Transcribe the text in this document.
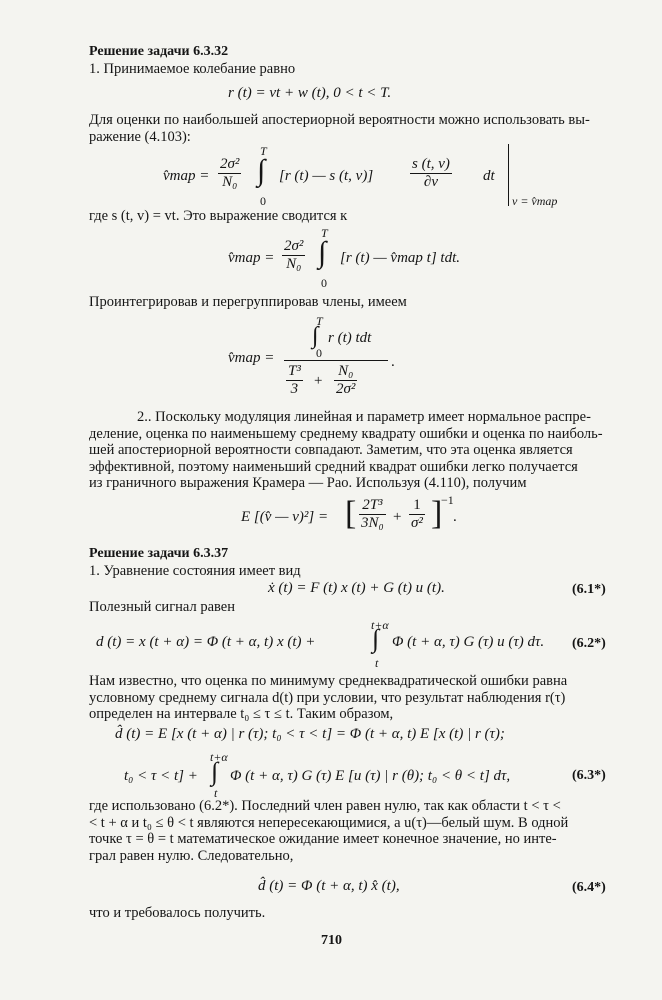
Решение задачи 6.3.32
1. Принимаемое колебание равно
r (t) = vt + w (t), 0 < t < T.
Для оценки по наибольшей апостериорной вероятности можно использовать вы-
ражение (4.103):
v̂map = $\frac{\text{2σ²}}{\text{N₀}}$
T
∫
0
[r (t) — s (t, $v)] \frac{s (t, v)}{\partial v}$ dt
v = v̂map
где s (t, v) = vt. Это выражение сводится к
v̂map = $\frac{\text{2σ²}}{\text{N₀}}$
T
∫
0
[r (t) — v̂map t] tdt.
Проинтегрировав и перегруппировав члены, имеем
v̂map =
T
∫
0
r (t) tdt
$\frac{\text{T³}}{3} + \frac{\text{N₀}}{\text{2σ²}}$
.
2.. Поскольку модуляция линейная и параметр имеет нормальное распре-
деление, оценка по наименьшему среднему квадрату ошибки и оценка по наиболь-
шей апостериорной вероятности совпадают. Заметим, что эта оценка является
эффективной, поэтому наименьший средний квадрат ошибки легко получается
из граничного выражения Крамера — Рао. Используя (4.110), получим
E [(v̂ — v)²] = [ $\frac{\text{2T³}}{\text{3N₀}} + \frac{1}{\text{σ²}}$ ]
−1
.
Решение задачи 6.3.37
1. Уравнение состояния имеет вид
ẋ (t) = F (t) x (t) + G (t) u (t).	(6.1*)
Полезный сигнал равен
d (t) = x (t + α) = Φ (t + α, t) x (t) +
t+α
∫
t
Φ (t + α, τ) G (τ) u (τ) dτ. (6.2*)
Нам известно, что оценка по минимуму среднеквадратической ошибки равна
условному среднему сигнала d(t) при условии, что результат наблюдения r(τ)
определен на интервале t₀ ≤ τ ≤ t. Таким образом,
d̂ (t) = E [x (t + α) | r (τ); t₀ < τ < t] = Φ (t + α, t) E [x (t) | r (τ);
t₀ < τ < t] +
t+α
∫
t
Φ (t + α, τ) G (τ) E [u (τ) | r (θ); t₀ < θ < t] dτ,	(6.3*)
где использовано (6.2*). Последний член равен нулю, так как области t < τ <
< t + α и t₀ ≤ θ < t являются непересекающимися, а u(τ)—белый шум. В одной
точке τ = θ = t математическое ожидание имеет конечное значение, но инте-
грал равен нулю. Следовательно,
d̂ (t) = Φ (t + α, t) x̂ (t),	(6.4*)
что и требовалось получить.
710
